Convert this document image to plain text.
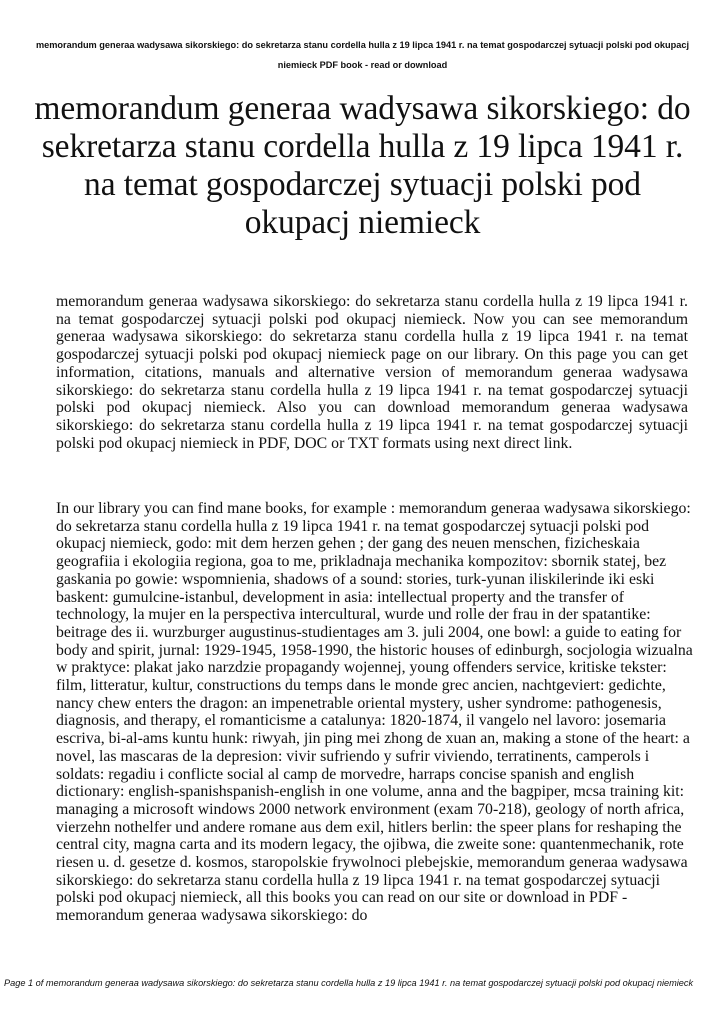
memorandum generaa wadysawa sikorskiego: do sekretarza stanu cordella hulla z 19 lipca 1941 r. na temat gospodarczej sytuacji polski pod okupacj niemieck PDF book - read or download
memorandum generaa wadysawa sikorskiego: do sekretarza stanu cordella hulla z 19 lipca 1941 r. na temat gospodarczej sytuacji polski pod okupacj niemieck

memorandum generaa wadysawa sikorskiego: do sekretarza stanu cordella hulla z 19 lipca 1941 r. na temat gospodarczej sytuacji polski pod okupacj niemieck. Now you can see memorandum generaa wadysawa sikorskiego: do sekretarza stanu cordella hulla z 19 lipca 1941 r. na temat gospodarczej sytuacji polski pod okupacj niemieck page on our library. On this page you can get information, citations, manuals and alternative version of memorandum generaa wadysawa sikorskiego: do sekretarza stanu cordella hulla z 19 lipca 1941 r. na temat gospodarczej sytuacji polski pod okupacj niemieck. Also you can download memorandum generaa wadysawa sikorskiego: do sekretarza stanu cordella hulla z 19 lipca 1941 r. na temat gospodarczej sytuacji polski pod okupacj niemieck in PDF, DOC or TXT formats using next direct link.

In our library you can find mane books, for example : memorandum generaa wadysawa sikorskiego: do sekretarza stanu cordella hulla z 19 lipca 1941 r. na temat gospodarczej sytuacji polski pod okupacj niemieck, godo: mit dem herzen gehen ; der gang des neuen menschen, fizicheskaia geografiia i ekologiia regiona, goa to me, prikladnaja mechanika kompozitov: sbornik statej, bez gaskania po gowie: wspomnienia, shadows of a sound: stories, turk-yunan iliskilerinde iki eski baskent: gumulcine-istanbul, development in asia: intellectual property and the transfer of technology, la mujer en la perspectiva intercultural, wurde und rolle der frau in der spatantike: beitrage des ii. wurzburger augustinus-studientages am 3. juli 2004, one bowl: a guide to eating for body and spirit, jurnal: 1929-1945, 1958-1990, the historic houses of edinburgh, socjologia wizualna w praktyce: plakat jako narzdzie propagandy wojennej, young offenders service, kritiske tekster: film, litteratur, kultur, constructions du temps dans le monde grec ancien, nachtgeviert: gedichte, nancy chew enters the dragon: an impenetrable oriental mystery, usher syndrome: pathogenesis, diagnosis, and therapy, el romanticisme a catalunya: 1820-1874, il vangelo nel lavoro: josemaria escriva, bi-al-ams kuntu hunk: riwyah, jin ping mei zhong de xuan an, making a stone of the heart: a novel, las mascaras de la depresion: vivir sufriendo y sufrir viviendo, terratinents, camperols i soldats: regadiu i conflicte social al camp de morvedre, harraps concise spanish and english dictionary: english-spanishspanish-english in one volume, anna and the bagpiper, mcsa training kit: managing a microsoft windows 2000 network environment (exam 70-218), geology of north africa, vierzehn nothelfer und andere romane aus dem exil, hitlers berlin: the speer plans for reshaping the central city, magna carta and its modern legacy, the ojibwa, die zweite sone: quantenmechanik, rote riesen u. d. gesetze d. kosmos, staropolskie frywolnoci plebejskie, memorandum generaa wadysawa sikorskiego: do sekretarza stanu cordella hulla z 19 lipca 1941 r. na temat gospodarczej sytuacji polski pod okupacj niemieck, all this books you can read on our site or download in PDF - memorandum generaa wadysawa sikorskiego: do

Page 1 of memorandum generaa wadysawa sikorskiego: do sekretarza stanu cordella hulla z 19 lipca 1941 r. na temat gospodarczej sytuacji polski pod okupacj niemieck
